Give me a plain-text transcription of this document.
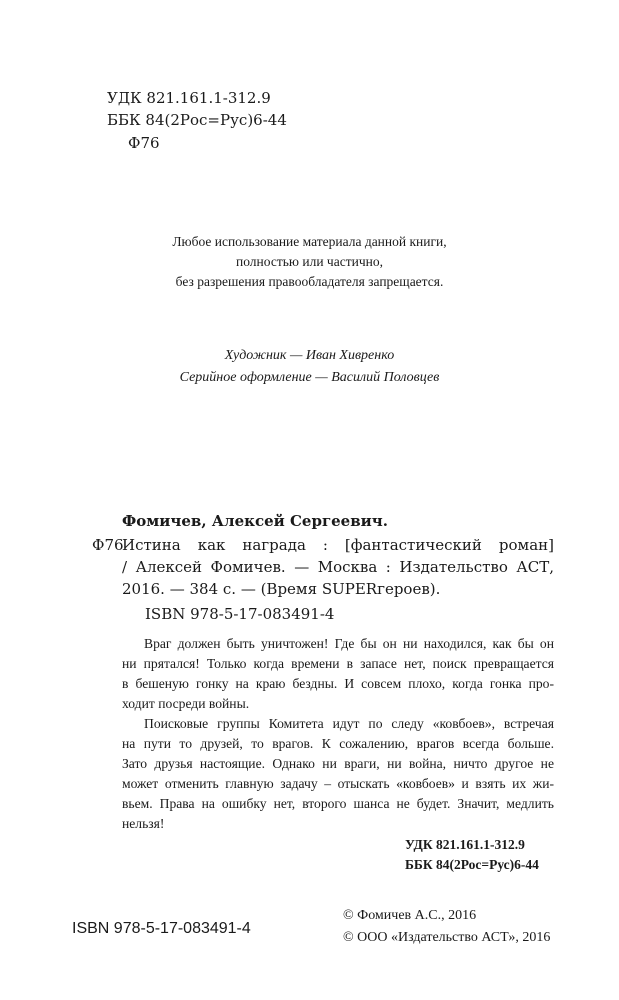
УДК 821.161.1-312.9
ББК 84(2Рос=Рус)6-44
Ф76
Любое использование материала данной книги,
полностью или частично,
без разрешения правообладателя запрещается.
Художник — Иван Хивренко
Серийное оформление — Василий Половцев
Фомичев, Алексей Сергеевич.
Ф76
Истина как награда : [фантастический роман]
/ Алексей Фомичев. — Москва : Издательство АСТ,
2016. — 384 с. — (Время SUPERгероев).
ISBN 978-5-17-083491-4
Враг должен быть уничтожен! Где бы он ни находился, как бы он
ни прятался! Только когда времени в запасе нет, поиск превращается
в бешеную гонку на краю бездны. И совсем плохо, когда гонка про-
ходит посреди войны.
Поисковые группы Комитета идут по следу «ковбоев», встречая
на пути то друзей, то врагов. К сожалению, врагов всегда больше.
Зато друзья настоящие. Однако ни враги, ни война, ничто другое не
может отменить главную задачу – отыскать «ковбоев» и взять их жи-
вьем. Права на ошибку нет, второго шанса не будет. Значит, медлить
нельзя!
УДК 821.161.1-312.9
ББК 84(2Рос=Рус)6-44
ISBN 978-5-17-083491-4
© Фомичев А.С., 2016
© ООО «Издательство АСТ», 2016
